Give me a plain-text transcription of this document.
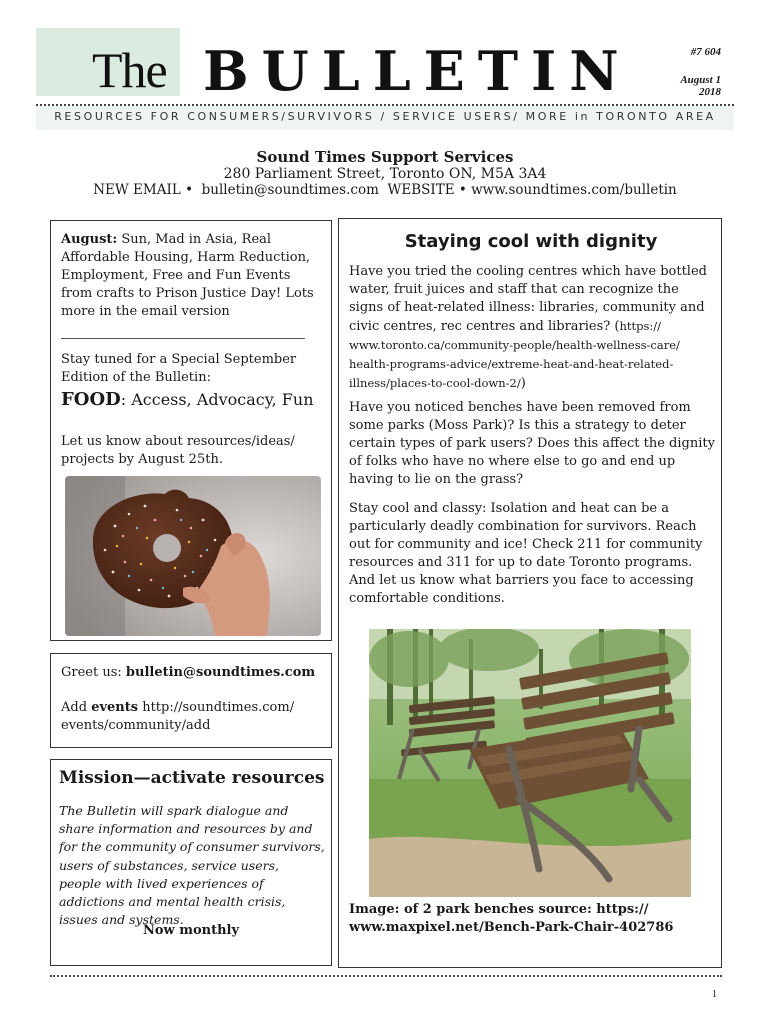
The BULLETIN	#7 604
August 1
2018
RESOURCES FOR CONSUMERS/SURVIVORS / SERVICE USERS/ MORE in TORONTO AREA
Sound Times Support Services
280 Parliament Street, Toronto ON, M5A 3A4
NEW EMAIL • bulletin@soundtimes.com WEBSITE • www.soundtimes.com/bulletin
August: Sun, Mad in Asia, Real Affordable Housing, Harm Reduction, Employment, Free and Fun Events from crafts to Prison Justice Day! Lots more in the email version
Stay tuned for a Special September Edition of the Bulletin:
FOOD: Access, Advocacy, Fun
Let us know about resources/ideas/ projects by August 25th.
Greet us: bulletin@soundtimes.com
Add events http://soundtimes.com/ events/community/add
Mission—activate resources
The Bulletin will spark dialogue and share information and resources by and for the community of consumer survivors, users of substances, service users, people with lived experiences of addictions and mental health crisis, issues and systems.
Now monthly
Staying cool with dignity
Have you tried the cooling centres which have bottled water, fruit juices and staff that can recognize the signs of heat-related illness: libraries, community and civic centres, rec centres and libraries? (https:// www.toronto.ca/community-people/health-wellness-care/ health-programs-advice/extreme-heat-and-heat-related- illness/places-to-cool-down-2/)
Have you noticed benches have been removed from some parks (Moss Park)? Is this a strategy to deter certain types of park users? Does this affect the dignity of folks who have no where else to go and end up having to lie on the grass?
Stay cool and classy: Isolation and heat can be a particularly deadly combination for survivors. Reach out for community and ice! Check 211 for community resources and 311 for up to date Toronto programs. And let us know what barriers you face to accessing comfortable conditions.
Image: of 2 park benches source: https:// www.maxpixel.net/Bench-Park-Chair-402786
1
